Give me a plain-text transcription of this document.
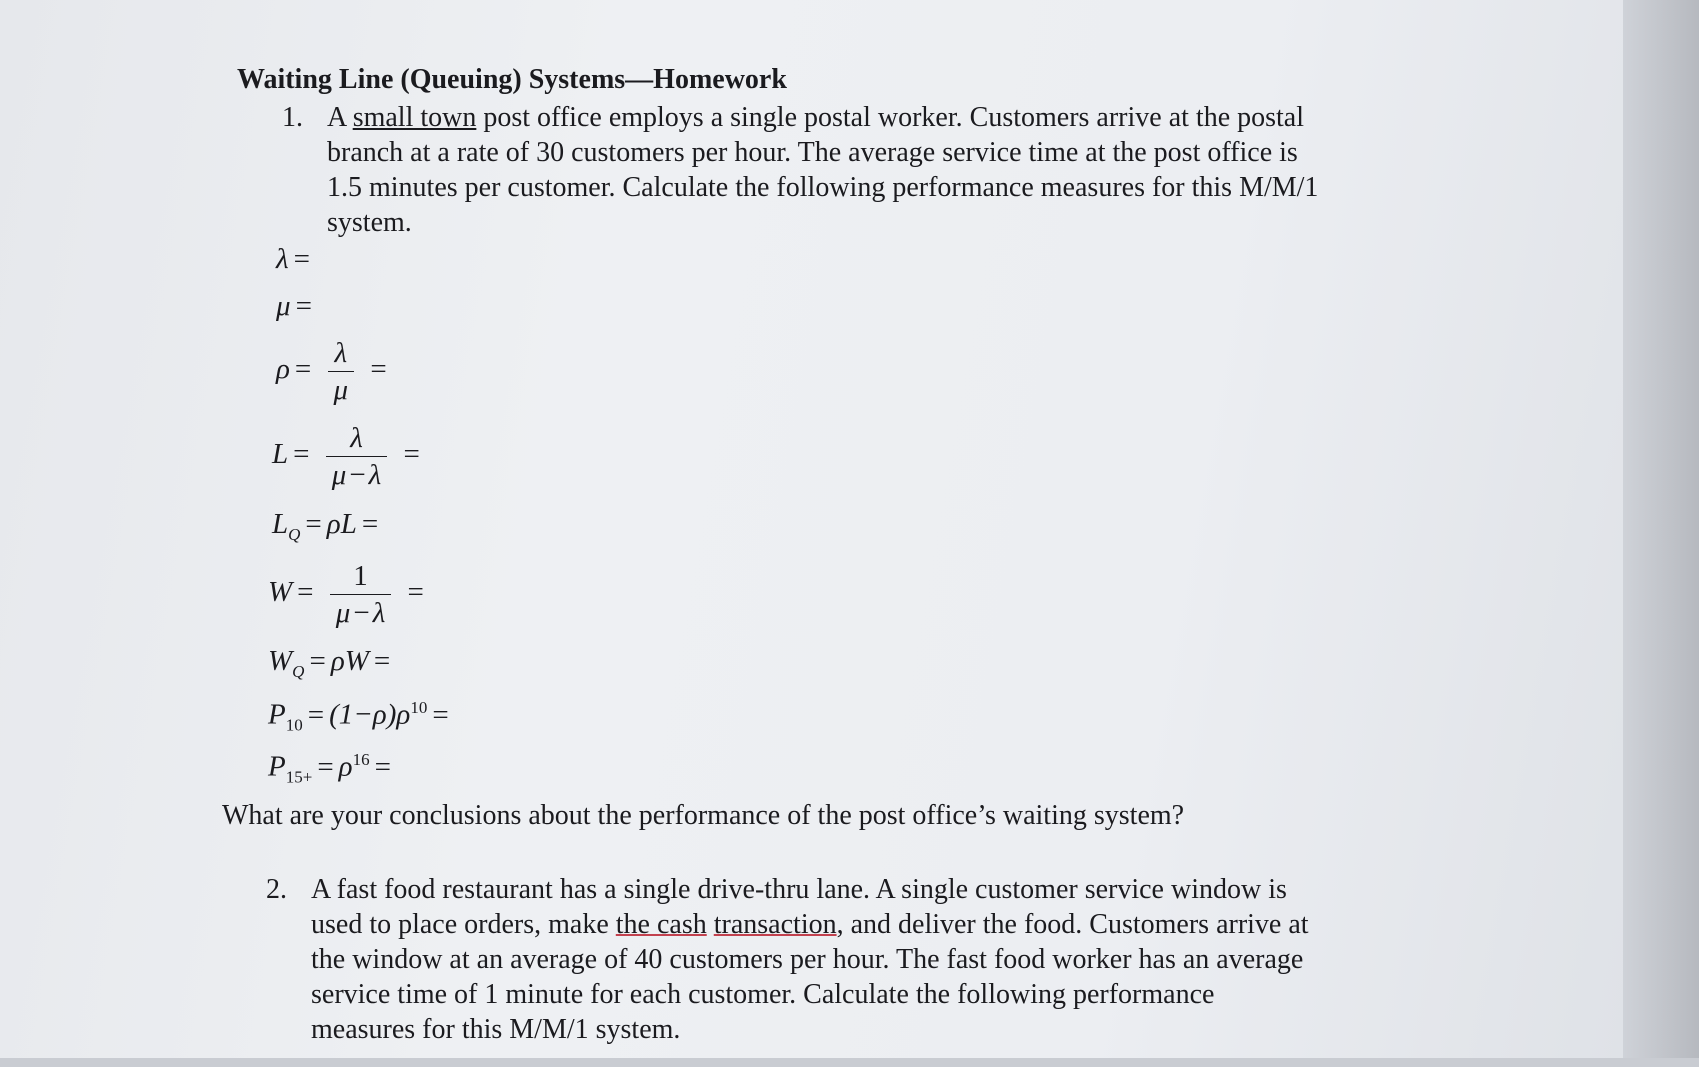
Waiting Line (Queuing) Systems—Homework
1. A small town post office employs a single postal worker. Customers arrive at the postal
branch at a rate of 30 customers per hour. The average service time at the post office is
1.5 minutes per customer. Calculate the following performance measures for this M/M/1
system.
λ =
μ =
$\rho = \frac{\lambda}{\mu}$ =
$L = \frac{\lambda}{\mu - \lambda}$ =
$L_Q = \rho L$ =
$W = \frac{1}{\mu - \lambda}$ =
$W_Q = \rho W$ =
$P_{10} = (1-\rho)\rho^{10}$ =
$P_{15+} = \rho^{16}$ =
What are your conclusions about the performance of the post office’s waiting system?
2. A fast food restaurant has a single drive-thru lane. A single customer service window is
used to place orders, make the cash transaction, and deliver the food. Customers arrive at
the window at an average of 40 customers per hour. The fast food worker has an average
service time of 1 minute for each customer. Calculate the following performance
measures for this M/M/1 system.
